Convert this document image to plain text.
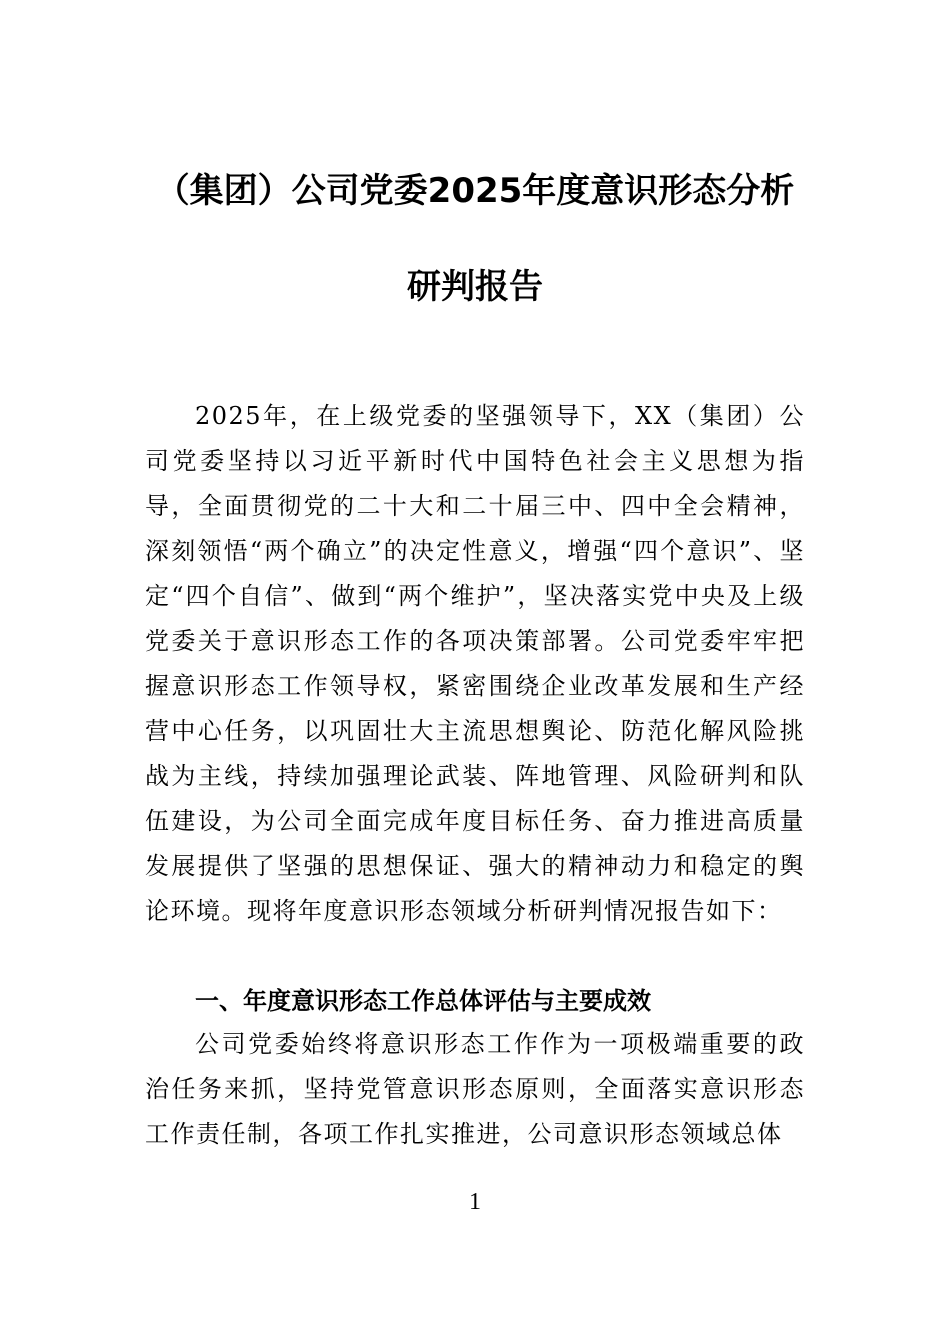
（集团）公司党委2025年度意识形态分析
研判报告

2025年，在上级党委的坚强领导下，XX（集团）公司党委坚持以习近平新时代中国特色社会主义思想为指导，全面贯彻党的二十大和二十届三中、四中全会精神，深刻领悟“两个确立”的决定性意义，增强“四个意识”、坚定“四个自信”、做到“两个维护”，坚决落实党中央及上级党委关于意识形态工作的各项决策部署。公司党委牢牢把握意识形态工作领导权，紧密围绕企业改革发展和生产经营中心任务，以巩固壮大主流思想舆论、防范化解风险挑战为主线，持续加强理论武装、阵地管理、风险研判和队伍建设，为公司全面完成年度目标任务、奋力推进高质量发展提供了坚强的思想保证、强大的精神动力和稳定的舆论环境。现将年度意识形态领域分析研判情况报告如下：

一、年度意识形态工作总体评估与主要成效

公司党委始终将意识形态工作作为一项极端重要的政治任务来抓，坚持党管意识形态原则，全面落实意识形态工作责任制，各项工作扎实推进，公司意识形态领域总体

1
